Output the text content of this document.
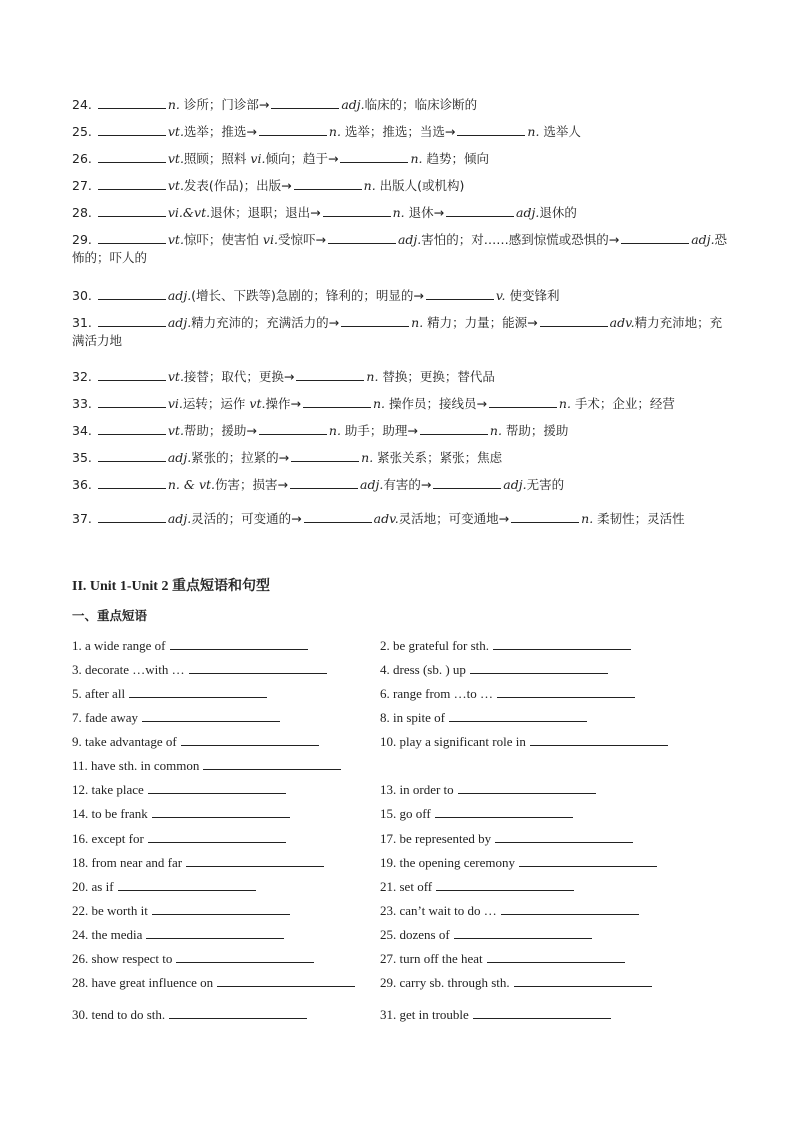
24.	n. 诊所；门诊部→	adj.临床的；临床诊断的
25.	vt.选举；推选→	n. 选举；推选；当选→	n. 选举人
26.	vt.照顾；照料 vi.倾向；趋于→	n. 趋势；倾向
27.	vt.发表(作品)；出版→	n. 出版人(或机构)
28.	vi.&vt.退休；退职；退出→	n. 退休→	adj.退休的
29.	vt.惊吓；使害怕 vi.受惊吓→	adj.害怕的；对……感到惊慌或恐惧的→	adj.恐怖的；吓人的
30.	adj.(增长、下跌等)急剧的；锋利的；明显的→	v. 使变锋利
31.	adj.精力充沛的；充满活力的→	n. 精力；力量；能源→	adv.精力充沛地；充满活力地
32.	vt.接替；取代；更换→	n. 替换；更换；替代品
33.	vi.运转；运作 vt.操作→	n. 操作员；接线员→	n. 手术；企业；经营
34.	vt.帮助；援助→	n. 助手；助理→	n. 帮助；援助
35.	adj.紧张的；拉紧的→	n. 紧张关系；紧张；焦虑
36.	n. & vt.伤害；损害→	adj.有害的→	adj.无害的
37.	adj.灵活的；可变通的→	adv.灵活地；可变通地→	n. 柔韧性；灵活性
II. Unit 1-Unit 2 重点短语和句型
一、重点短语
1. a wide range of	2. be grateful for sth.
3. decorate …with …	4. dress (sb. ) up
5. after all	6. range from …to …
7. fade away	8. in spite of
9. take advantage of	10. play a significant role in
11. have sth. in common
12. take place	13. in order to
14. to be frank	15. go off
16. except for	17. be represented by
18. from near and far	19. the opening ceremony
20. as if	21. set off
22. be worth it	23. can’t wait to do …
24. the media	25. dozens of
26. show respect to	27. turn off the heat
28. have great influence on	29. carry sb. through sth.
30. tend to do sth.	31. get in trouble
